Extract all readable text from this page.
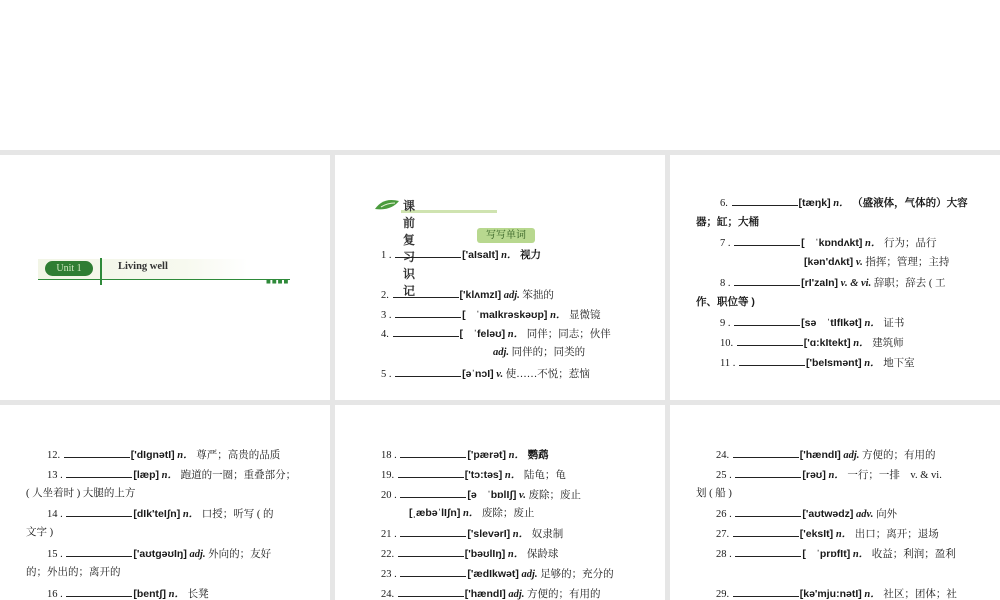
Unit 1	Living well
■■■■
课前复习识记
写写单词
1 .	['aIsaIt] n． 视力
2.	['klʌmzI] adj. 笨拙的
3 .	[　ˈmaIkrəskəʊp] n． 显微镜
4.	[　ˈfeləʊ] n． 同伴；同志；伙伴
adj. 同伴的；同类的
5 .	[əˈnɔI] v. 使……不悦；惹恼
6.	[tæŋk] n． （盛液体，气体的）大容
器；缸；大桶
7 .	[　ˈkɒndʌkt] n． 行为；品行
[kən'dʌkt] v. 指挥；管理；主持
8 .	[rI'zaIn] v. & vi. 辞职；辞去 ( 工
作、职位等 )
9 .	[sə　ˈtIfIkət] n． 证书
10.	['ɑ:kItekt] n． 建筑师
11 .	['beIsmənt] n． 地下室
12.	['dIgnətI] n． 尊严；高贵的品质
13 .	[læp] n． 跑道的一圈；重叠部分；
( 人坐着时 ) 大腿的上方
14 .	[dIk'teIʃn] n． 口授；听写 ( 的
文字 )
15 .	['aʊtɡəʊIŋ] adj. 外向的；友好
的；外出的；离开的
16 .	[bentʃ] n． 长凳
18 .	['pærət] n． 鹦鹉
19.	['tɔ:təs] n． 陆龟；龟
20 .	[ə　ˈbɒlIʃ] v. 废除；废止
[ˌæbəˈlIʃn] n． 废除；废止
21 .	['slevərI] n． 奴隶制
22.	['bəʊlIŋ] n． 保龄球
23 .	['ædIkwət] adj. 足够的；充分的
24.	['hændI] adj. 方便的；有用的
24.	['hændI] adj. 方便的；有用的
25 .	[rəʊ] n． 一行；一排　v. & vi.
划 ( 船 )
26 .	['aʊtwədz] adv. 向外
27.	['eksIt] n． 出口；离开；退场
28 .	[　ˈprɒfIt] n． 收益；利润；盈利
29.	[kə'mju:nətI] n． 社区；团体；社
